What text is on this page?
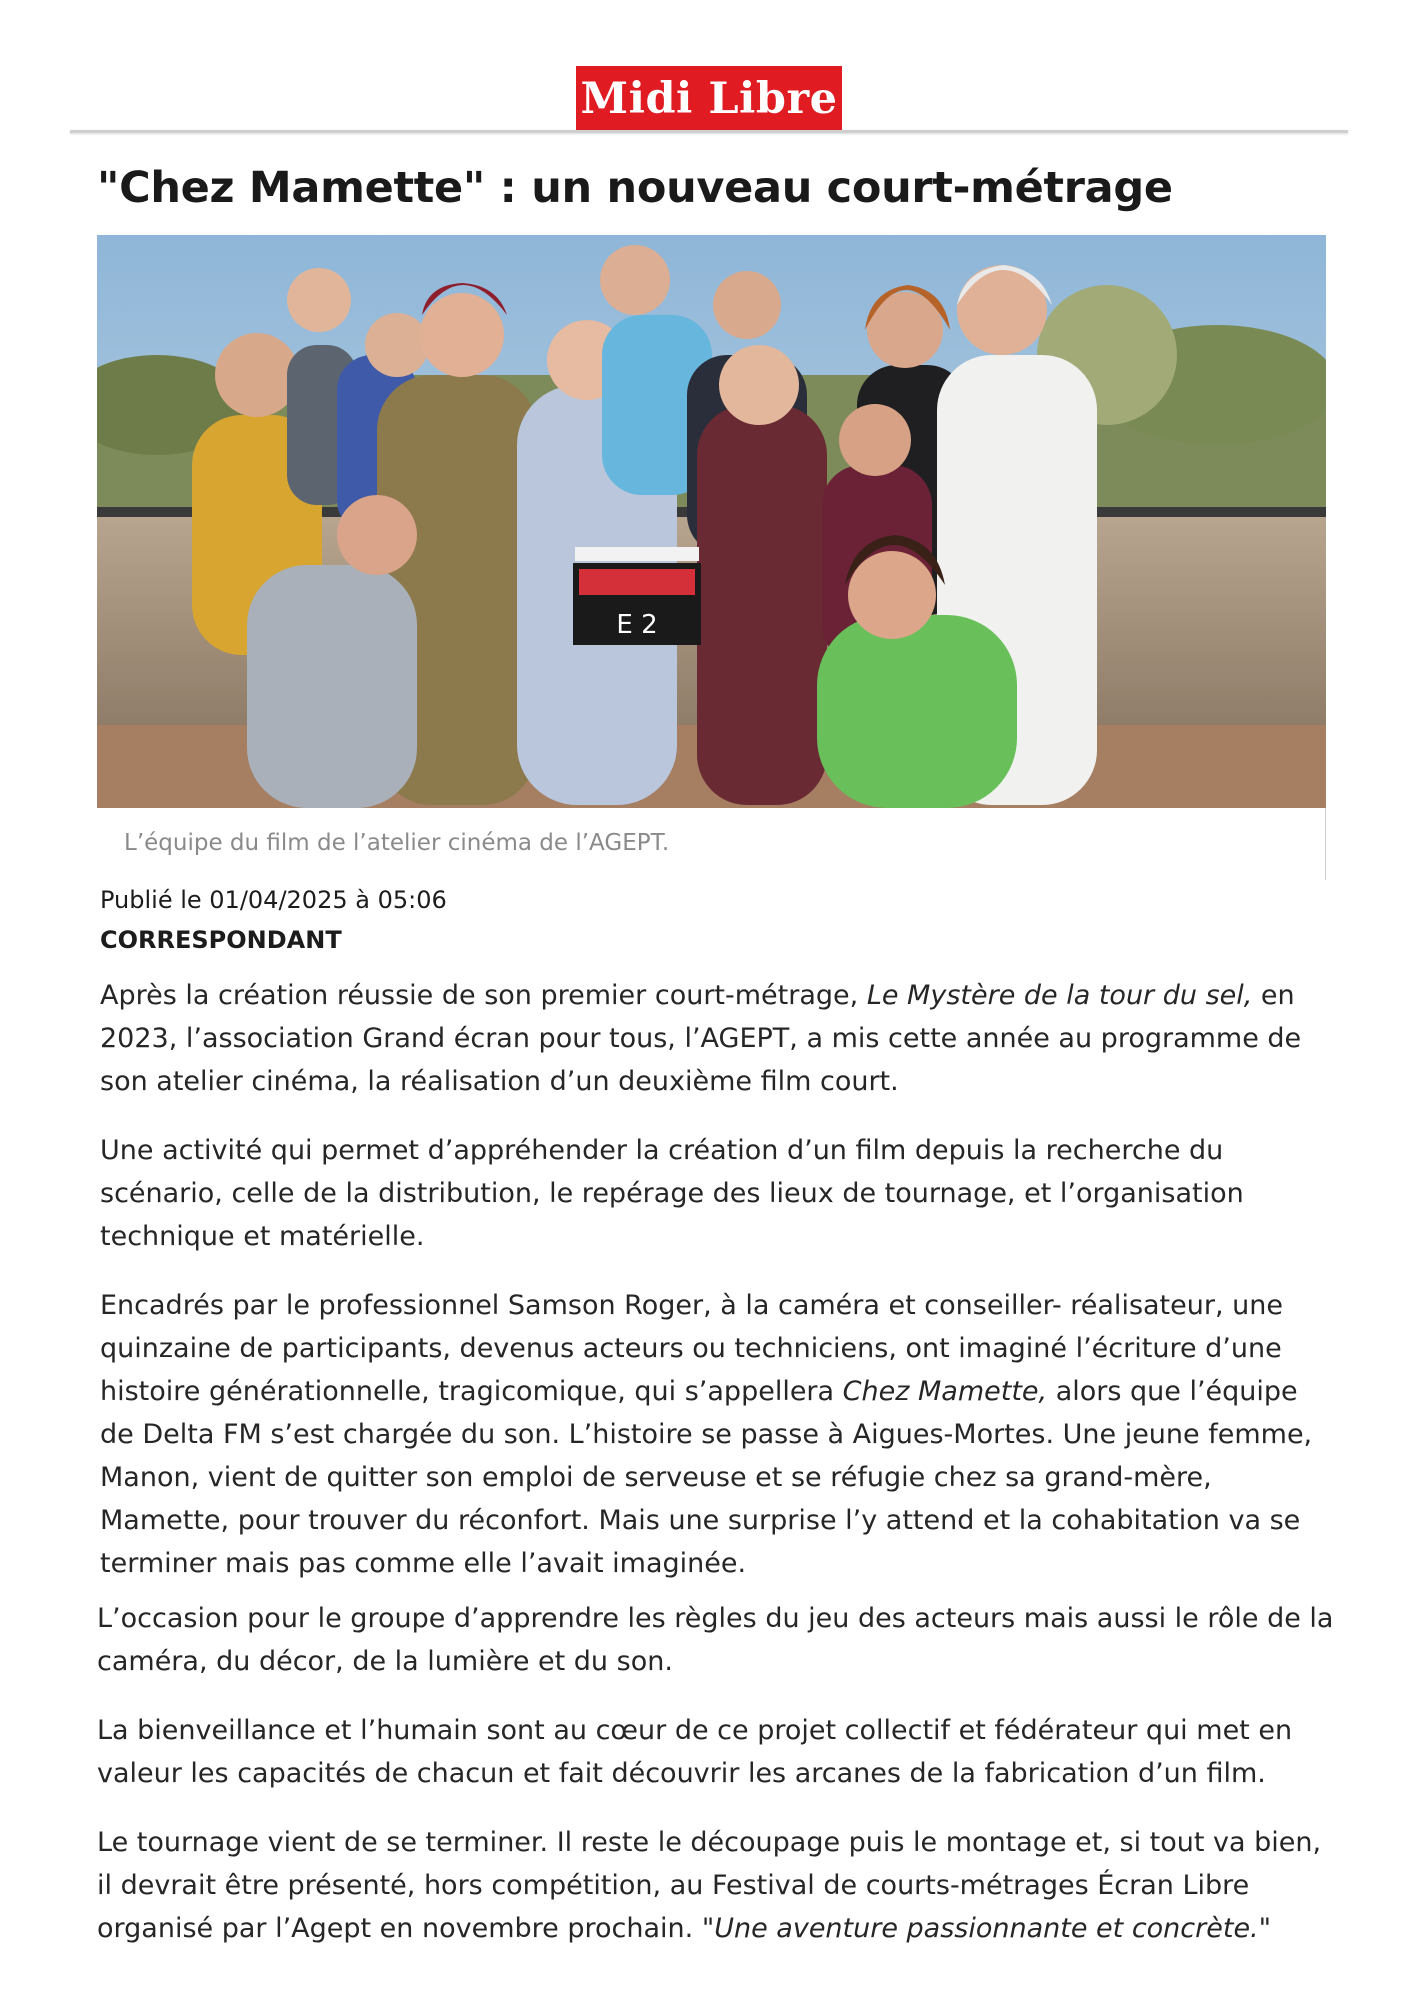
Midi Libre
"Chez Mamette" : un nouveau court-métrage
E 2
L’équipe du film de l’atelier cinéma de l’AGEPT.
Publié le 01/04/2025 à 05:06
CORRESPONDANT

Après la création réussie de son premier court-métrage, Le Mystère de la tour du sel, en 2023, l’association Grand écran pour tous, l’AGEPT, a mis cette année au programme de son atelier cinéma, la réalisation d’un deuxième film court.

Une activité qui permet d’appréhender la création d’un film depuis la recherche du scénario, celle de la distribution, le repérage des lieux de tournage, et l’organisation technique et matérielle.

Encadrés par le professionnel Samson Roger, à la caméra et conseiller- réalisateur, une quinzaine de participants, devenus acteurs ou techniciens, ont imaginé l’écriture d’une histoire générationnelle, tragicomique, qui s’appellera Chez Mamette, alors que l’équipe de Delta FM s’est chargée du son. L’histoire se passe à Aigues-Mortes. Une jeune femme, Manon, vient de quitter son emploi de serveuse et se réfugie chez sa grand-mère, Mamette, pour trouver du réconfort. Mais une surprise l’y attend et la cohabitation va se terminer mais pas comme elle l’avait imaginée.

L’occasion pour le groupe d’apprendre les règles du jeu des acteurs mais aussi le rôle de la caméra, du décor, de la lumière et du son.

La bienveillance et l’humain sont au cœur de ce projet collectif et fédérateur qui met en valeur les capacités de chacun et fait découvrir les arcanes de la fabrication d’un film.

Le tournage vient de se terminer. Il reste le découpage puis le montage et, si tout va bien, il devrait être présenté, hors compétition, au Festival de courts-métrages Écran Libre organisé par l’Agept en novembre prochain. "Une aventure passionnante et concrète."
